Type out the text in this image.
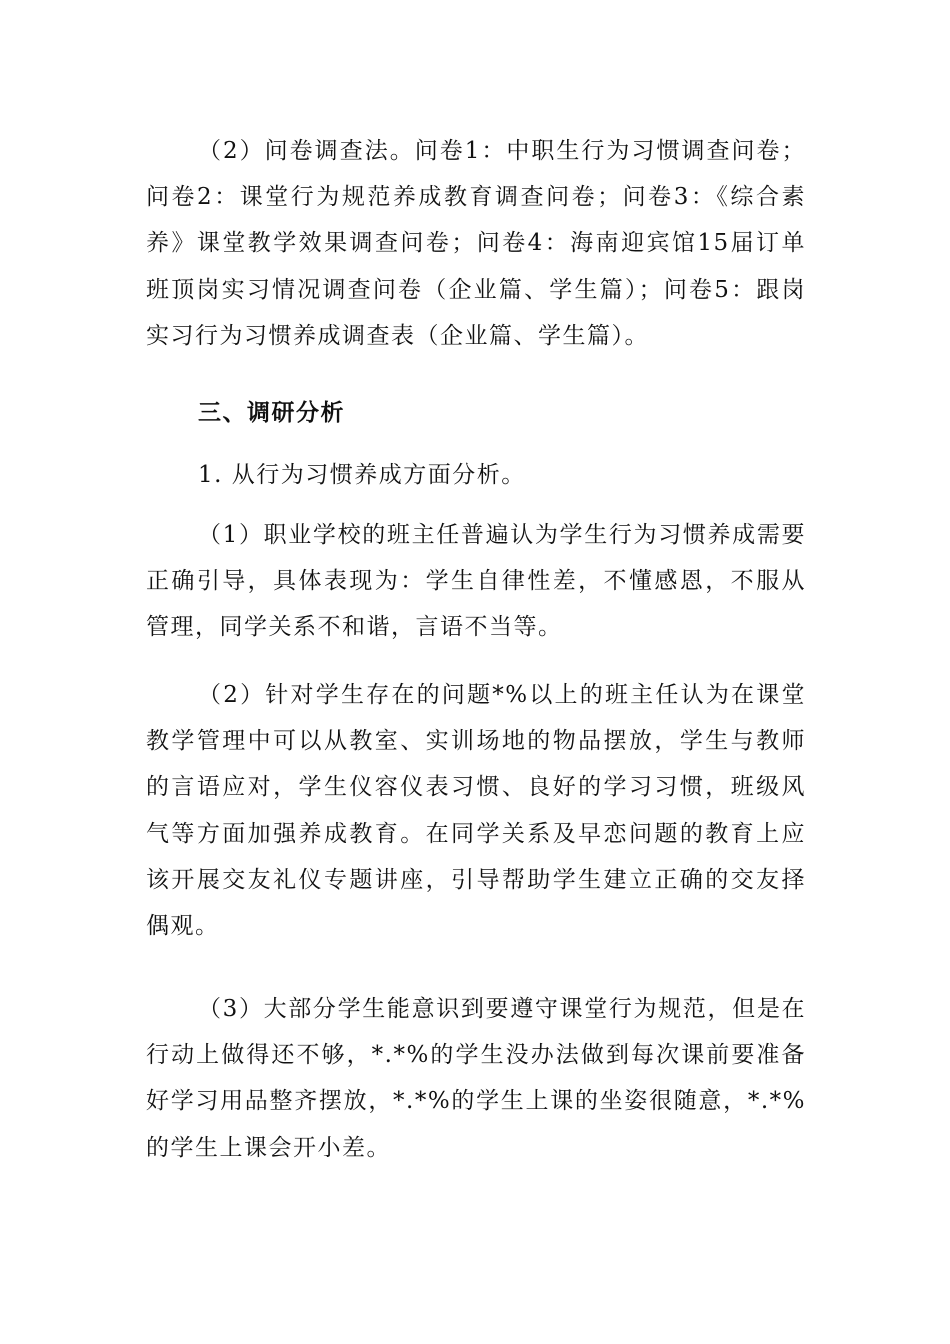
（2）问卷调查法。问卷1：中职生行为习惯调查问卷；问卷2：课堂行为规范养成教育调查问卷；问卷3：《综合素养》课堂教学效果调查问卷；问卷4：海南迎宾馆15届订单班顶岗实习情况调查问卷（企业篇、学生篇）；问卷5：跟岗实习行为习惯养成调查表（企业篇、学生篇）。

三、调研分析

1. 从行为习惯养成方面分析。

（1）职业学校的班主任普遍认为学生行为习惯养成需要正确引导，具体表现为：学生自律性差，不懂感恩，不服从管理，同学关系不和谐，言语不当等。

（2）针对学生存在的问题*%以上的班主任认为在课堂教学管理中可以从教室、实训场地的物品摆放，学生与教师的言语应对，学生仪容仪表习惯、良好的学习习惯，班级风气等方面加强养成教育。在同学关系及早恋问题的教育上应该开展交友礼仪专题讲座，引导帮助学生建立正确的交友择偶观。

（3）大部分学生能意识到要遵守课堂行为规范，但是在行动上做得还不够，*.*%的学生没办法做到每次课前要准备好学习用品整齐摆放，*.*%的学生上课的坐姿很随意，*.*%的学生上课会开小差。
